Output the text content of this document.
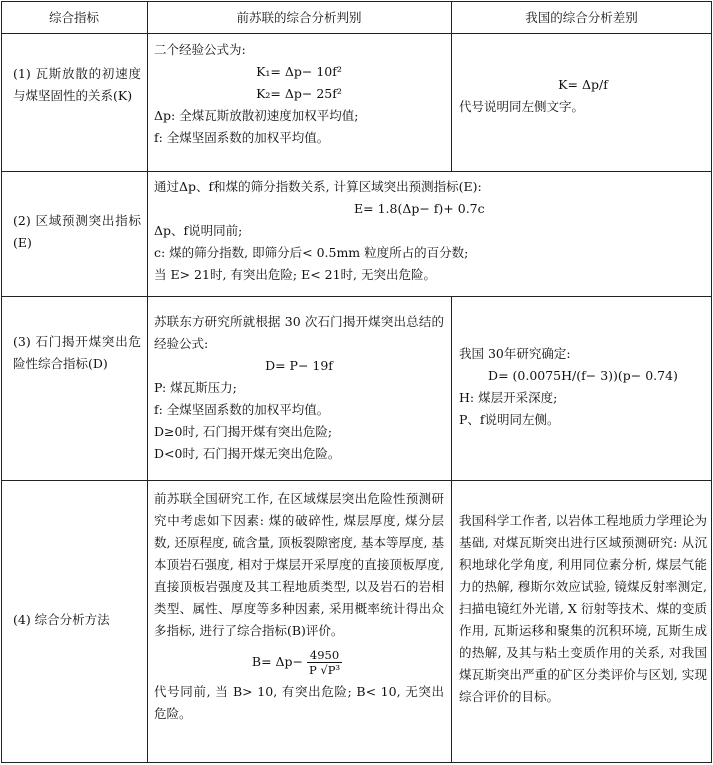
综合指标	前苏联的综合分析判别	我国的综合分析差别
(1) 瓦斯放散的初速度与煤坚固性的关系(K)

二个经验公式为:

K₁= Δp− 10f²

K₂= Δp− 25f²

Δp: 全煤瓦斯放散初速度加权平均值;

f: 全煤坚固系数的加权平均值。

K= Δp/f

代号说明同左侧文字。

(2) 区域预测突出指标(E)

通过Δp、f和煤的筛分指数关系, 计算区域突出预测指标(E):

E= 1.8(Δp− f)+ 0.7c

Δp、f说明同前;

c: 煤的筛分指数, 即筛分后< 0.5mm 粒度所占的百分数;

当 E> 21时, 有突出危险; E< 21时, 无突出危险。

(3) 石门揭开煤突出危险性综合指标(D)

苏联东方研究所就根据 30 次石门揭开煤突出总结的经验公式:

D= P− 19f

P: 煤瓦斯压力;

f: 全煤坚固系数的加权平均值。

D≥0时, 石门揭开煤有突出危险;

D<0时, 石门揭开煤无突出危险。

我国 30年研究确定:

D= (0.0075H/(f− 3))(p− 0.74)

H: 煤层开采深度;

P、f说明同左侧。

(4) 综合分析方法

前苏联全国研究工作, 在区域煤层突出危险性预测研究中考虑如下因素: 煤的破碎性, 煤层厚度, 煤分层数, 还原程度, 硫含量, 顶板裂隙密度, 基本等厚度, 基本顶岩石强度, 相对于煤层开采厚度的直接顶板厚度, 直接顶板岩强度及其工程地质类型, 以及岩石的岩相类型、属性、厚度等多种因素, 采用概率统计得出众多指标, 进行了综合指标(B)评价。

$B= \Delta p- \frac{4950}{\text{P √P³}}$

代号同前, 当 B> 10, 有突出危险; B< 10, 无突出危险。

我国科学工作者, 以岩体工程地质力学理论为基础, 对煤瓦斯突出进行区域预测研究: 从沉积地球化学角度, 利用同位素分析, 煤层气能力的热解, 穆斯尔效应试验, 镜煤反射率测定, 扫描电镜红外光谱, X 衍射等技术、煤的变质作用, 瓦斯运移和聚集的沉积环境, 瓦斯生成的热解, 及其与粘土变质作用的关系, 对我国煤瓦斯突出严重的矿区分类评价与区划, 实现综合评价的目标。
